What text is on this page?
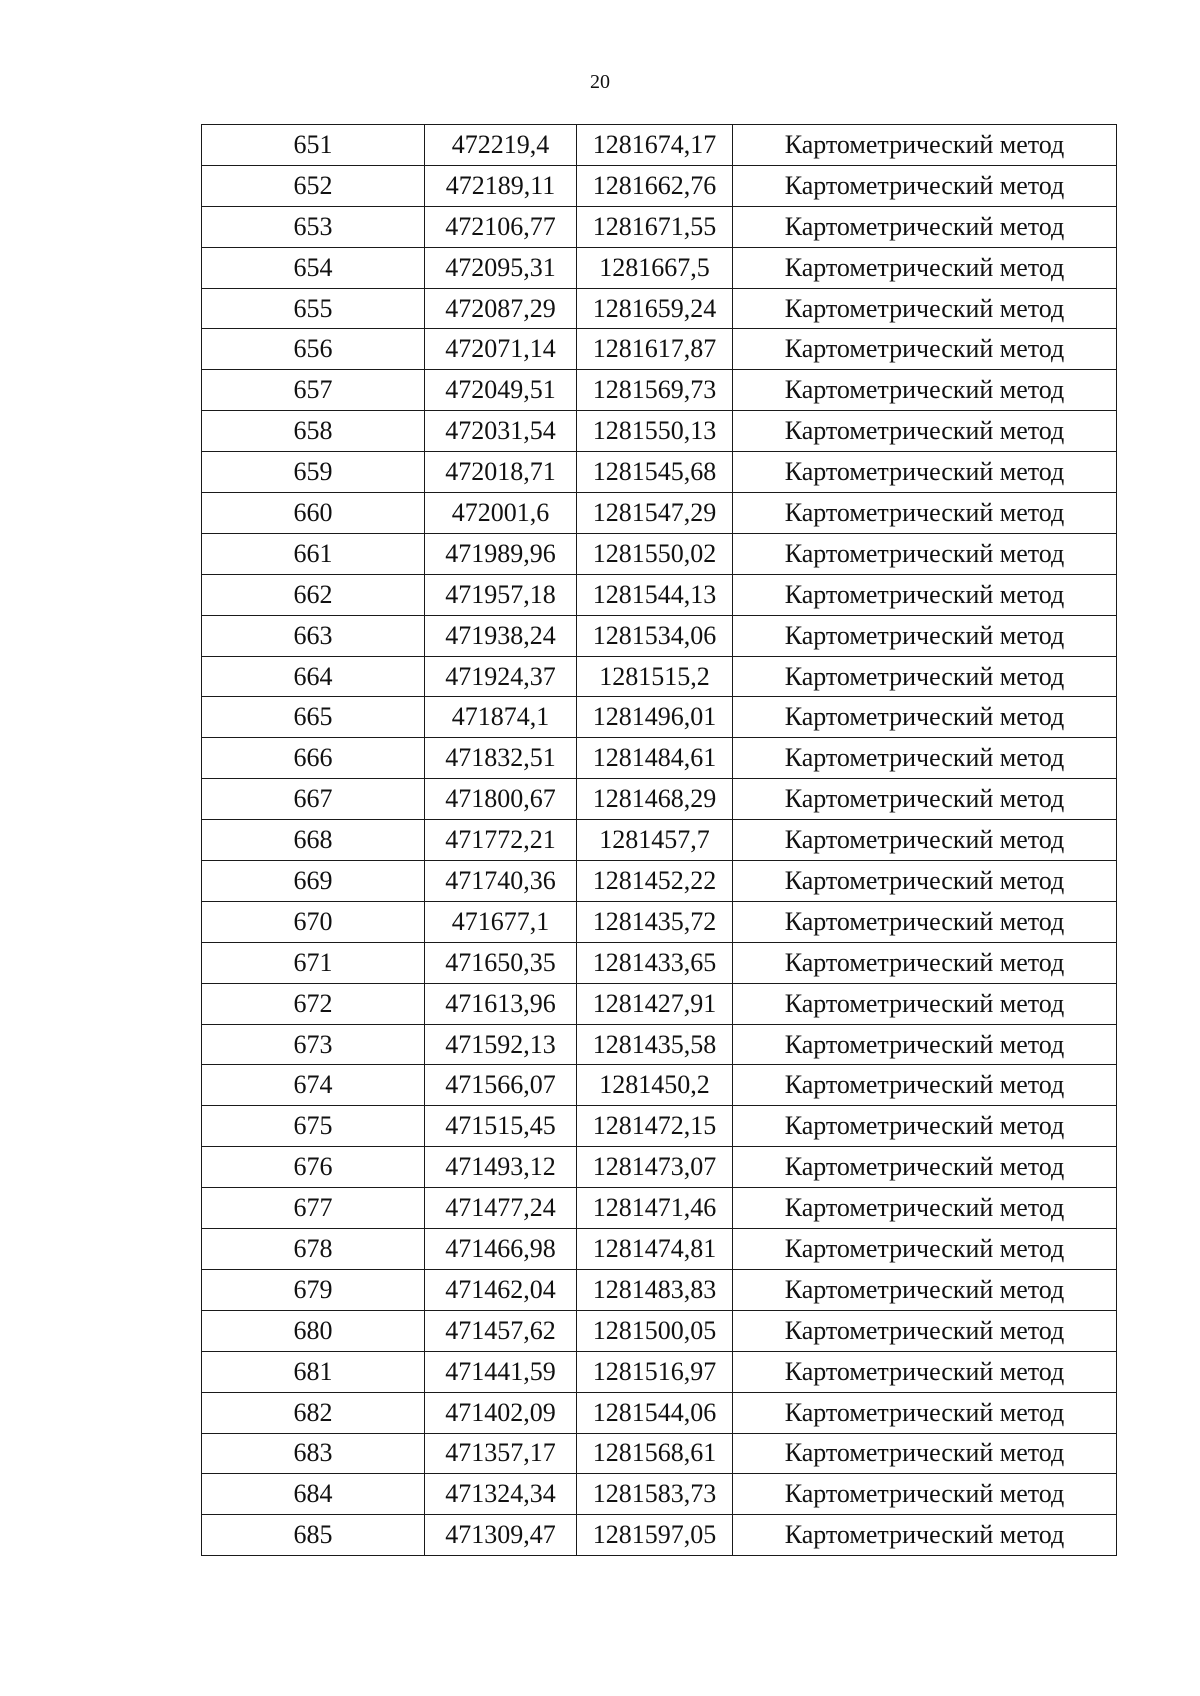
20
651	472219,4	1281674,17	Картометрический метод
652	472189,11	1281662,76	Картометрический метод
653	472106,77	1281671,55	Картометрический метод
654	472095,31	1281667,5	Картометрический метод
655	472087,29	1281659,24	Картометрический метод
656	472071,14	1281617,87	Картометрический метод
657	472049,51	1281569,73	Картометрический метод
658	472031,54	1281550,13	Картометрический метод
659	472018,71	1281545,68	Картометрический метод
660	472001,6	1281547,29	Картометрический метод
661	471989,96	1281550,02	Картометрический метод
662	471957,18	1281544,13	Картометрический метод
663	471938,24	1281534,06	Картометрический метод
664	471924,37	1281515,2	Картометрический метод
665	471874,1	1281496,01	Картометрический метод
666	471832,51	1281484,61	Картометрический метод
667	471800,67	1281468,29	Картометрический метод
668	471772,21	1281457,7	Картометрический метод
669	471740,36	1281452,22	Картометрический метод
670	471677,1	1281435,72	Картометрический метод
671	471650,35	1281433,65	Картометрический метод
672	471613,96	1281427,91	Картометрический метод
673	471592,13	1281435,58	Картометрический метод
674	471566,07	1281450,2	Картометрический метод
675	471515,45	1281472,15	Картометрический метод
676	471493,12	1281473,07	Картометрический метод
677	471477,24	1281471,46	Картометрический метод
678	471466,98	1281474,81	Картометрический метод
679	471462,04	1281483,83	Картометрический метод
680	471457,62	1281500,05	Картометрический метод
681	471441,59	1281516,97	Картометрический метод
682	471402,09	1281544,06	Картометрический метод
683	471357,17	1281568,61	Картометрический метод
684	471324,34	1281583,73	Картометрический метод
685	471309,47	1281597,05	Картометрический метод
